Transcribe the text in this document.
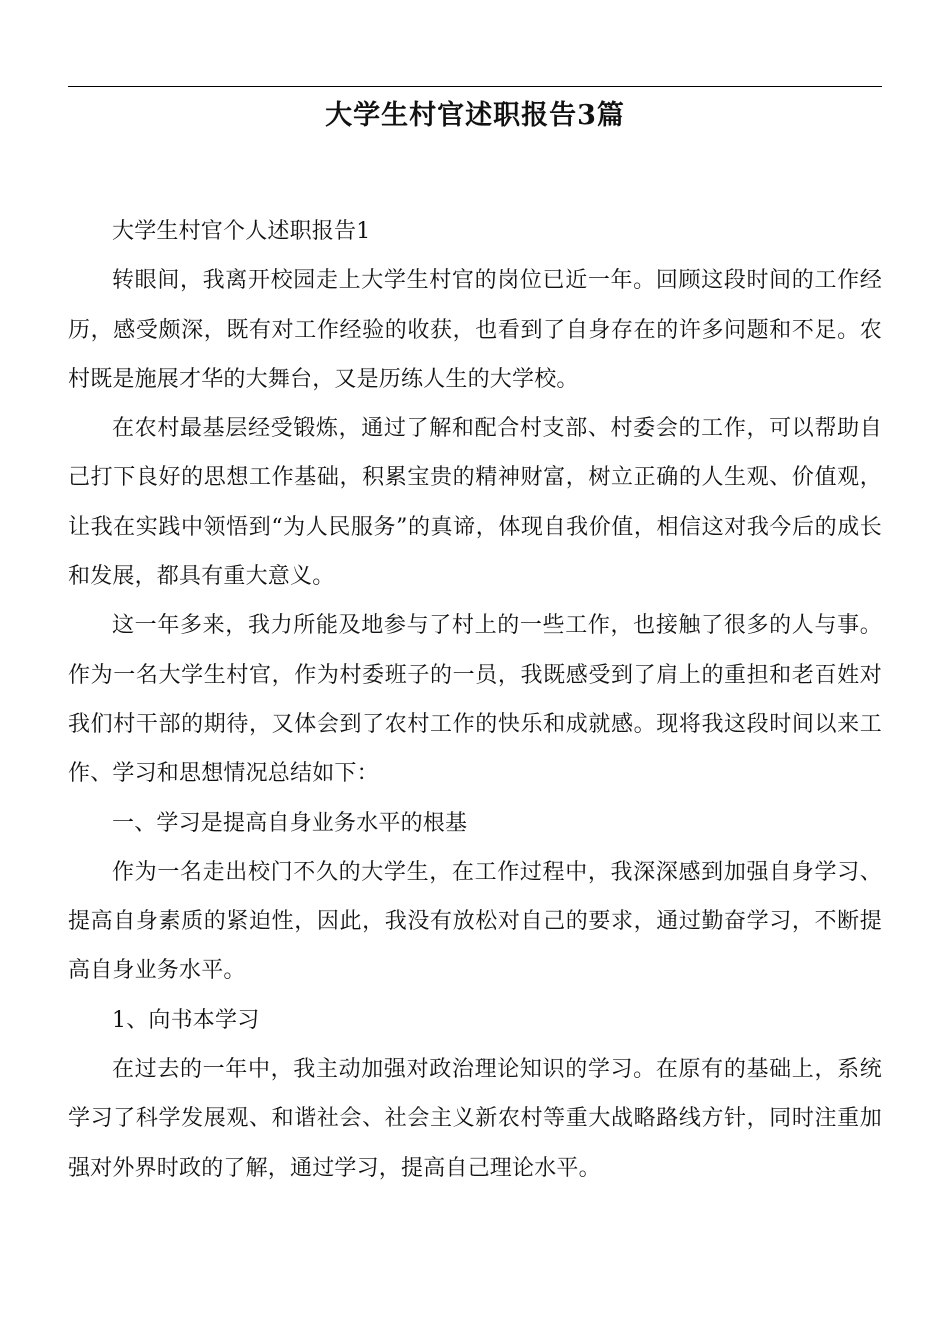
大学生村官述职报告3篇

大学生村官个人述职报告1

转眼间，我离开校园走上大学生村官的岗位已近一年。回顾这段时间的工作经历，感受颇深，既有对工作经验的收获，也看到了自身存在的许多问题和不足。农村既是施展才华的大舞台，又是历练人生的大学校。

在农村最基层经受锻炼，通过了解和配合村支部、村委会的工作，可以帮助自己打下良好的思想工作基础，积累宝贵的精神财富，树立正确的人生观、价值观，让我在实践中领悟到“为人民服务”的真谛，体现自我价值，相信这对我今后的成长和发展，都具有重大意义。

这一年多来，我力所能及地参与了村上的一些工作，也接触了很多的人与事。作为一名大学生村官，作为村委班子的一员，我既感受到了肩上的重担和老百姓对我们村干部的期待，又体会到了农村工作的快乐和成就感。现将我这段时间以来工作、学习和思想情况总结如下：

一、学习是提高自身业务水平的根基

作为一名走出校门不久的大学生，在工作过程中，我深深感到加强自身学习、提高自身素质的紧迫性，因此，我没有放松对自己的要求，通过勤奋学习，不断提高自身业务水平。

1、向书本学习

在过去的一年中，我主动加强对政治理论知识的学习。在原有的基础上，系统学习了科学发展观、和谐社会、社会主义新农村等重大战略路线方针，同时注重加强对外界时政的了解，通过学习，提高自己理论水平。
